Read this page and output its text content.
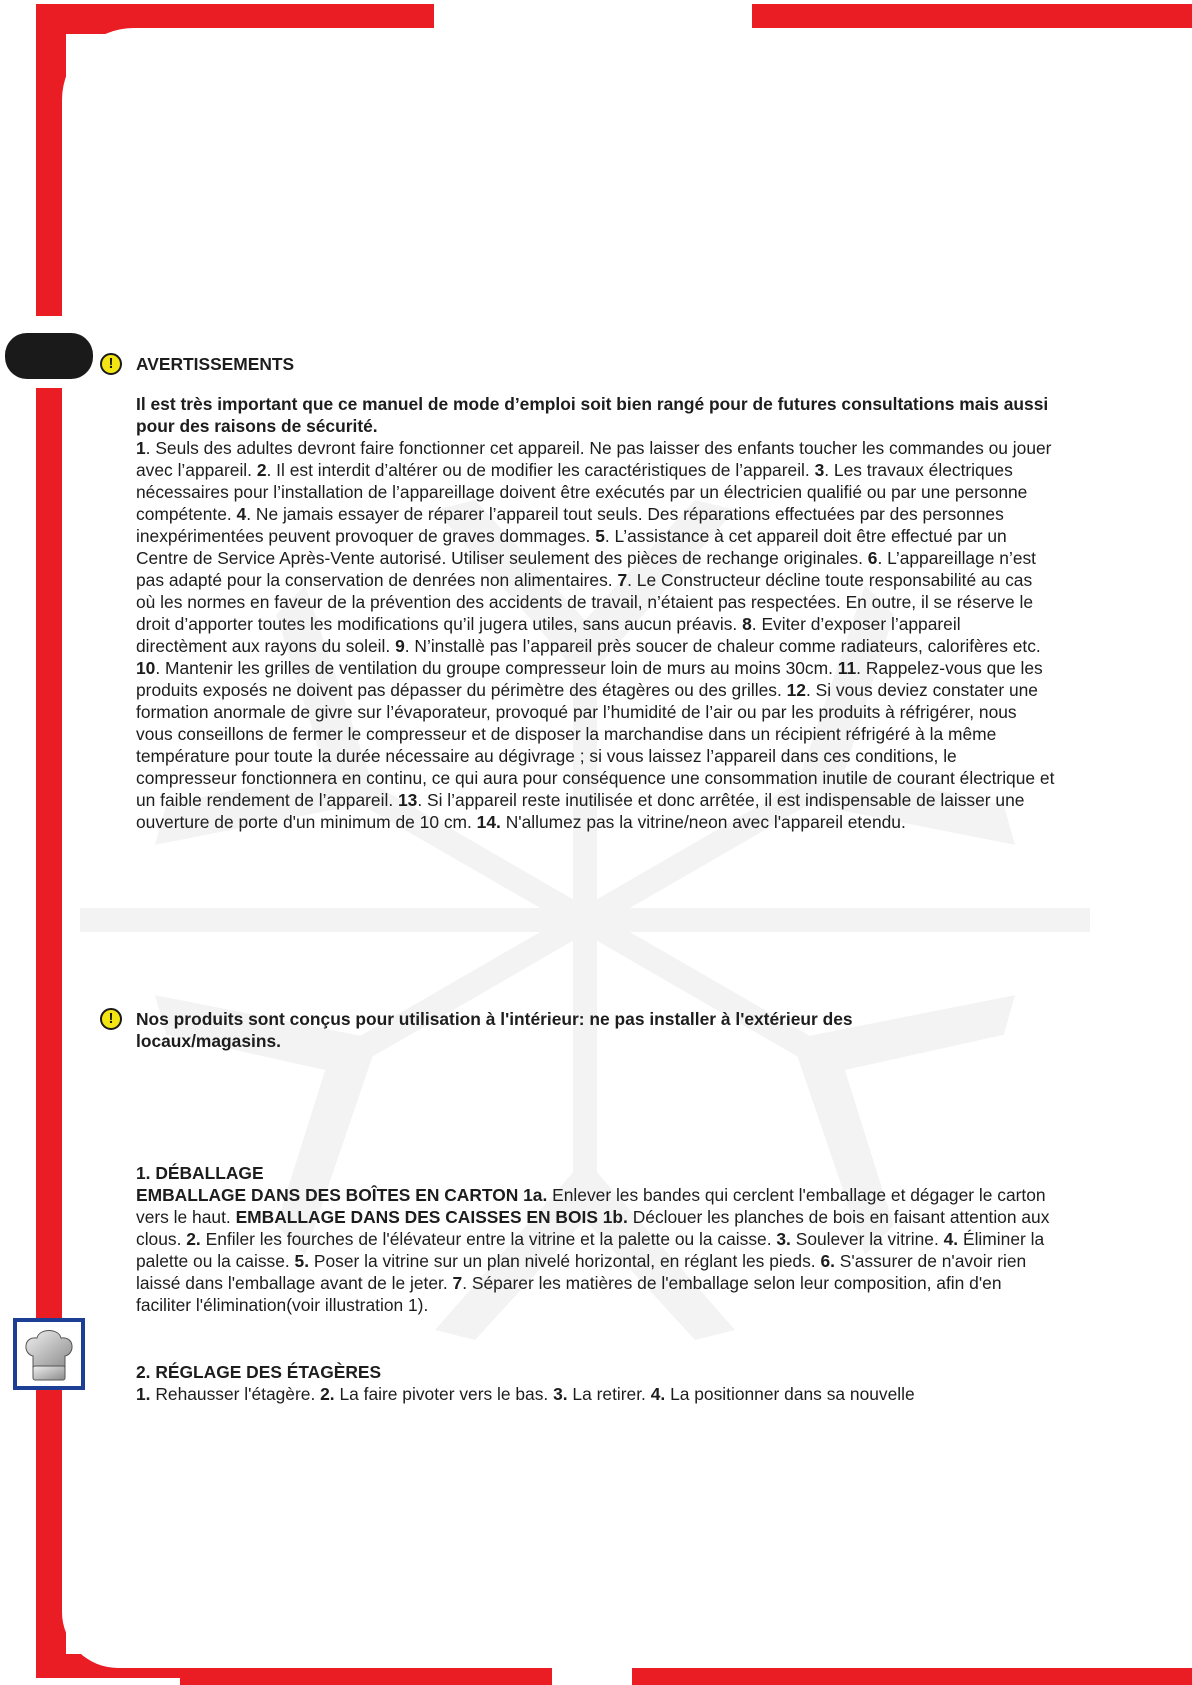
!	AVERTISSEMENTS
Il est très important que ce manuel de mode d’emploi soit bien rangé pour de futures consultations mais aussi pour des raisons de sécurité.
1. Seuls des adultes devront faire fonctionner cet appareil. Ne pas laisser des enfants toucher les commandes ou jouer avec l’appareil. 2. Il est interdit d’altérer ou de modifier les caractéristiques de l’appareil. 3. Les travaux électriques nécessaires pour l’installation de l’appareillage doivent être exécutés par un électricien qualifié ou par une personne compétente. 4. Ne jamais essayer de réparer l’appareil tout seuls. Des réparations effectuées par des personnes inexpérimentées peuvent provoquer de graves dommages. 5. L’assistance à cet appareil doit être effectué par un Centre de Service Après-Vente autorisé. Utiliser seulement des pièces de rechange originales. 6. L’appareillage n’est pas adapté pour la conservation de denrées non alimentaires. 7. Le Constructeur décline toute responsabilité au cas où les normes en faveur de la prévention des accidents de travail, n’étaient pas respectées. En outre, il se réserve le droit d’apporter toutes les modifications qu’il jugera utiles, sans aucun préavis. 8. Eviter d’exposer l’appareil directèment aux rayons du soleil. 9. N’installè pas l’appareil près soucer de chaleur comme radiateurs, calorifères etc. 10. Mantenir les grilles de ventilation du groupe compresseur loin de murs au moins 30cm. 11. Rappelez-vous que les produits exposés ne doivent pas dépasser du périmètre des étagères ou des grilles. 12. Si vous deviez constater une formation anormale de givre sur l’évaporateur, provoqué par l’humidité de l’air ou par les produits à réfrigérer, nous vous conseillons de fermer le compresseur et de disposer la marchandise dans un récipient réfrigéré à la même température pour toute la durée nécessaire au dégivrage ; si vous laissez l’appareil dans ces conditions, le compresseur fonctionnera en continu, ce qui aura pour conséquence une consommation inutile de courant électrique et un faible rendement de l’appareil. 13. Si l’appareil reste inutilisée et donc arrêtée, il est indispensable de laisser une ouverture de porte d'un minimum de 10 cm. 14. N'allumez pas la vitrine/neon avec l'appareil etendu.
!	Nos produits sont conçus pour utilisation à l'intérieur: ne pas installer à l'extérieur des locaux/magasins.
1. DÉBALLAGE
EMBALLAGE DANS DES BOÎTES EN CARTON 1a. Enlever les bandes qui cerclent l'emballage et dégager le carton vers le haut. EMBALLAGE DANS DES CAISSES EN BOIS 1b. Déclouer les planches de bois en faisant attention aux clous. 2. Enfiler les fourches de l'élévateur entre la vitrine et la palette ou la caisse. 3. Soulever la vitrine. 4. Éliminer la palette ou la caisse. 5. Poser la vitrine sur un plan nivelé horizontal, en réglant les pieds. 6. S'assurer de n'avoir rien laissé dans l'emballage avant de le jeter. 7. Séparer les matières de l'emballage selon leur composition, afin d'en faciliter l'élimination(voir illustration 1).
2. RÉGLAGE DES ÉTAGÈRES
1. Rehausser l'étagère. 2. La faire pivoter vers le bas. 3. La retirer. 4. La positionner dans sa nouvelle
